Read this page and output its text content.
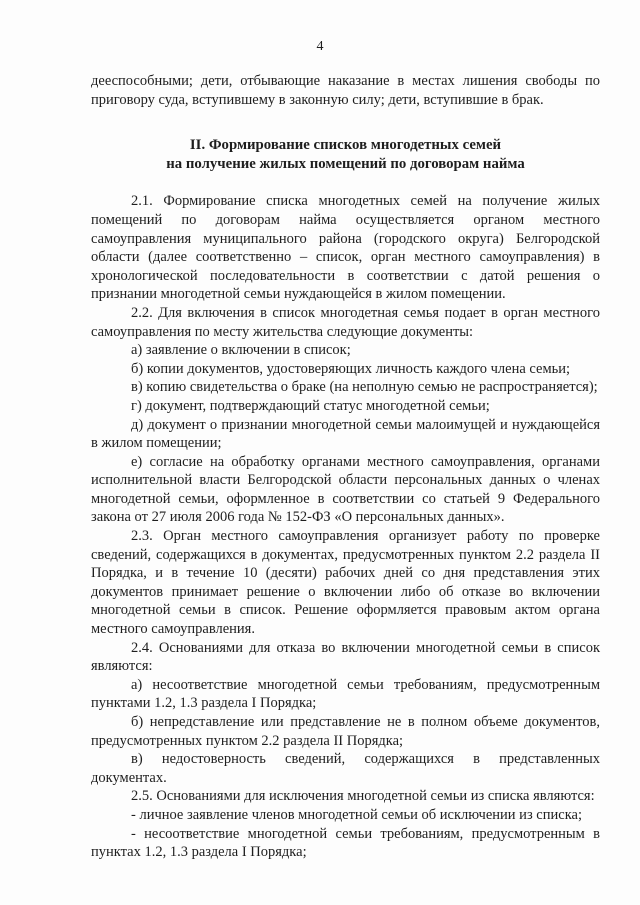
4

дееспособными; дети, отбывающие наказание в местах лишения свободы по приговору суда, вступившему в законную силу; дети, вступившие в брак.

II. Формирование списков многодетных семей
на получение жилых помещений по договорам найма

2.1. Формирование списка многодетных семей на получение жилых помещений по договорам найма осуществляется органом местного самоуправления муниципального района (городского округа) Белгородской области (далее соответственно – список, орган местного самоуправления) в хронологической последовательности в соответствии с датой решения о признании многодетной семьи нуждающейся в жилом помещении.

2.2. Для включения в список многодетная семья подает в орган местного самоуправления по месту жительства следующие документы:

а) заявление о включении в список;

б) копии документов, удостоверяющих личность каждого члена семьи;

в) копию свидетельства о браке (на неполную семью не распространяется);

г) документ, подтверждающий статус многодетной семьи;

д) документ о признании многодетной семьи малоимущей и нуждающейся в жилом помещении;

е) согласие на обработку органами местного самоуправления, органами исполнительной власти Белгородской области персональных данных о членах многодетной семьи, оформленное в соответствии со статьей 9 Федерального закона от 27 июля 2006 года № 152-ФЗ «О персональных данных».

2.3. Орган местного самоуправления организует работу по проверке сведений, содержащихся в документах, предусмотренных пунктом 2.2 раздела II Порядка, и в течение 10 (десяти) рабочих дней со дня представления этих документов принимает решение о включении либо об отказе во включении многодетной семьи в список. Решение оформляется правовым актом органа местного самоуправления.

2.4. Основаниями для отказа во включении многодетной семьи в список являются:

а) несоответствие многодетной семьи требованиям, предусмотренным пунктами 1.2, 1.3 раздела I Порядка;

б) непредставление или представление не в полном объеме документов, предусмотренных пунктом 2.2 раздела II Порядка;

в) недостоверность сведений, содержащихся в представленных документах.

2.5. Основаниями для исключения многодетной семьи из списка являются:

- личное заявление членов многодетной семьи об исключении из списка;

- несоответствие многодетной семьи требованиям, предусмотренным в пунктах 1.2, 1.3 раздела I Порядка;
